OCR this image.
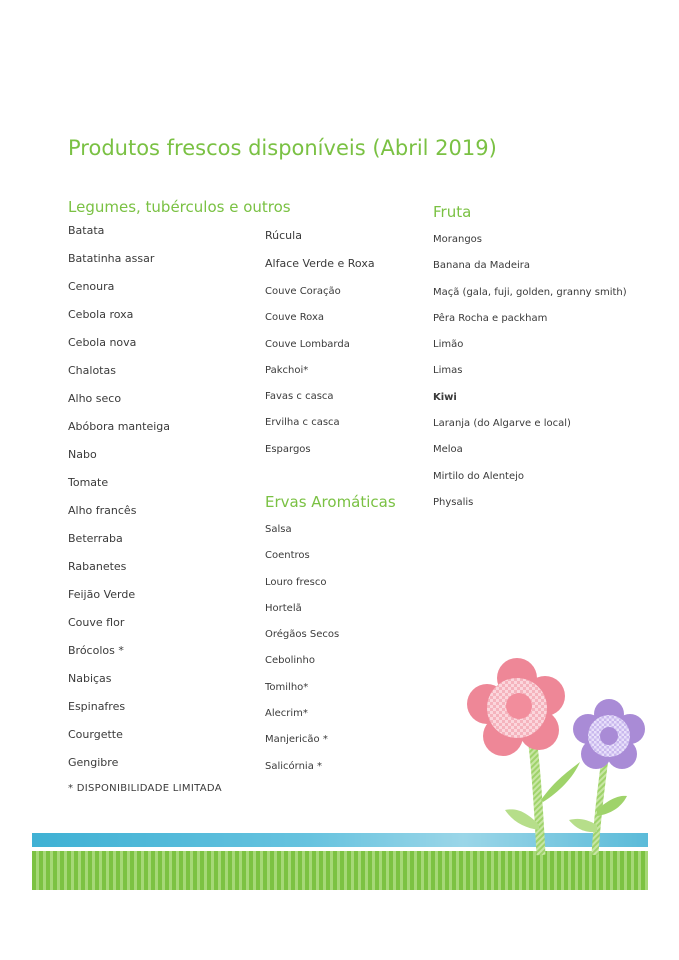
Produtos frescos disponíveis (Abril 2019)
Legumes, tubérculos e outros
Batata
Batatinha assar
Cenoura
Cebola roxa
Cebola nova
Chalotas
Alho seco
Abóbora manteiga
Nabo
Tomate
Alho francês
Beterraba
Rabanetes
Feijão Verde
Couve flor
Brócolos *
Nabiças
Espinafres
Courgette
Gengibre
* DISPONIBILIDADE LIMITADA
Rúcula
Alface Verde e Roxa
Couve Coração
Couve Roxa
Couve Lombarda
Pakchoi*
Favas c casca
Ervilha c casca
Espargos
Ervas Aromáticas
Salsa
Coentros
Louro fresco
Hortelã
Orégãos Secos
Cebolinho
Tomilho*
Alecrim*
Manjericão *
Salicórnia *
Fruta
Morangos
Banana da Madeira
Maçã (gala, fuji, golden, granny smith)
Pêra Rocha e packham
Limão
Limas
Kiwi
Laranja (do Algarve e local)
Meloa
Mirtilo do Alentejo
Physalis
